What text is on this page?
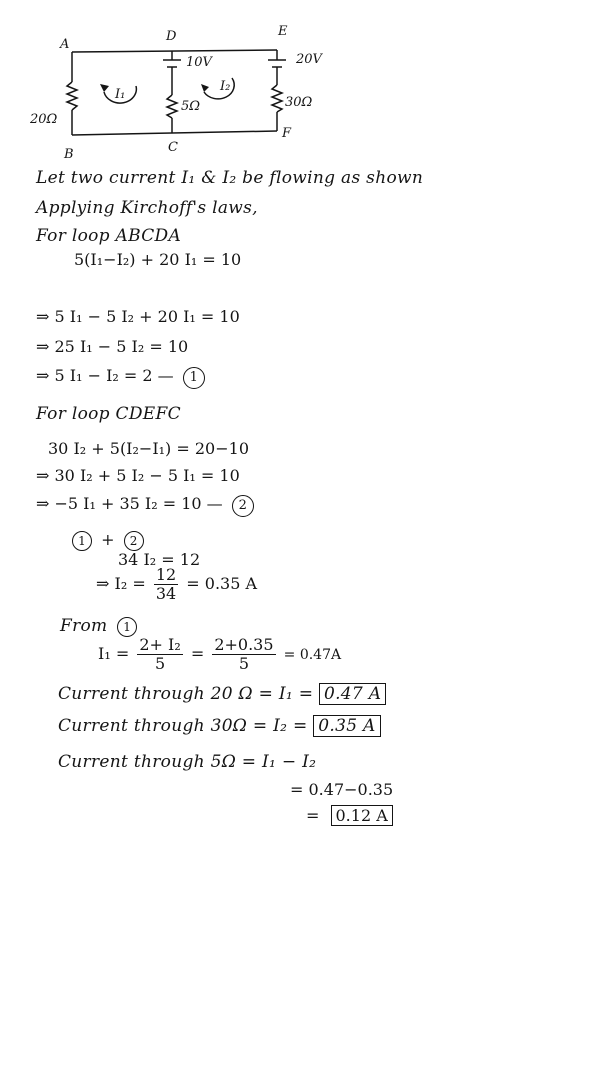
A
B	C
D	E
F
20Ω
5Ω	30Ω
10V	20V
I₁
I₂
Let two current I₁ & I₂ be flowing as shown
Applying Kirchoff's laws,
For loop ABCDA
5(I₁−I₂) + 20 I₁ = 10
⇒ 5 I₁ − 5 I₂ + 20 I₁ = 10
⇒ 25 I₁ − 5 I₂ = 10
⇒ 5 I₁ − I₂ = 2 — 1
For loop CDEFC
30 I₂ + 5(I₂−I₁) = 20−10
⇒ 30 I₂ + 5 I₂ − 5 I₁ = 10
⇒ −5 I₁ + 35 I₂ = 10 — 2
1 + 2
34 I₂ = 12
⇒ $I_2 = \frac{12}{34} = 0.35$ A
From 1
$I_1 = \frac{\text{2+ I₂}}{5} = \frac{2+0.35}{5} = 0.47A$
Current through 20 Ω = I₁ = 0.47 A
Current through 30Ω = I₂ = 0.35 A
Current through 5Ω = I₁ − I₂
= 0.47−0.35
= 0.12 A
